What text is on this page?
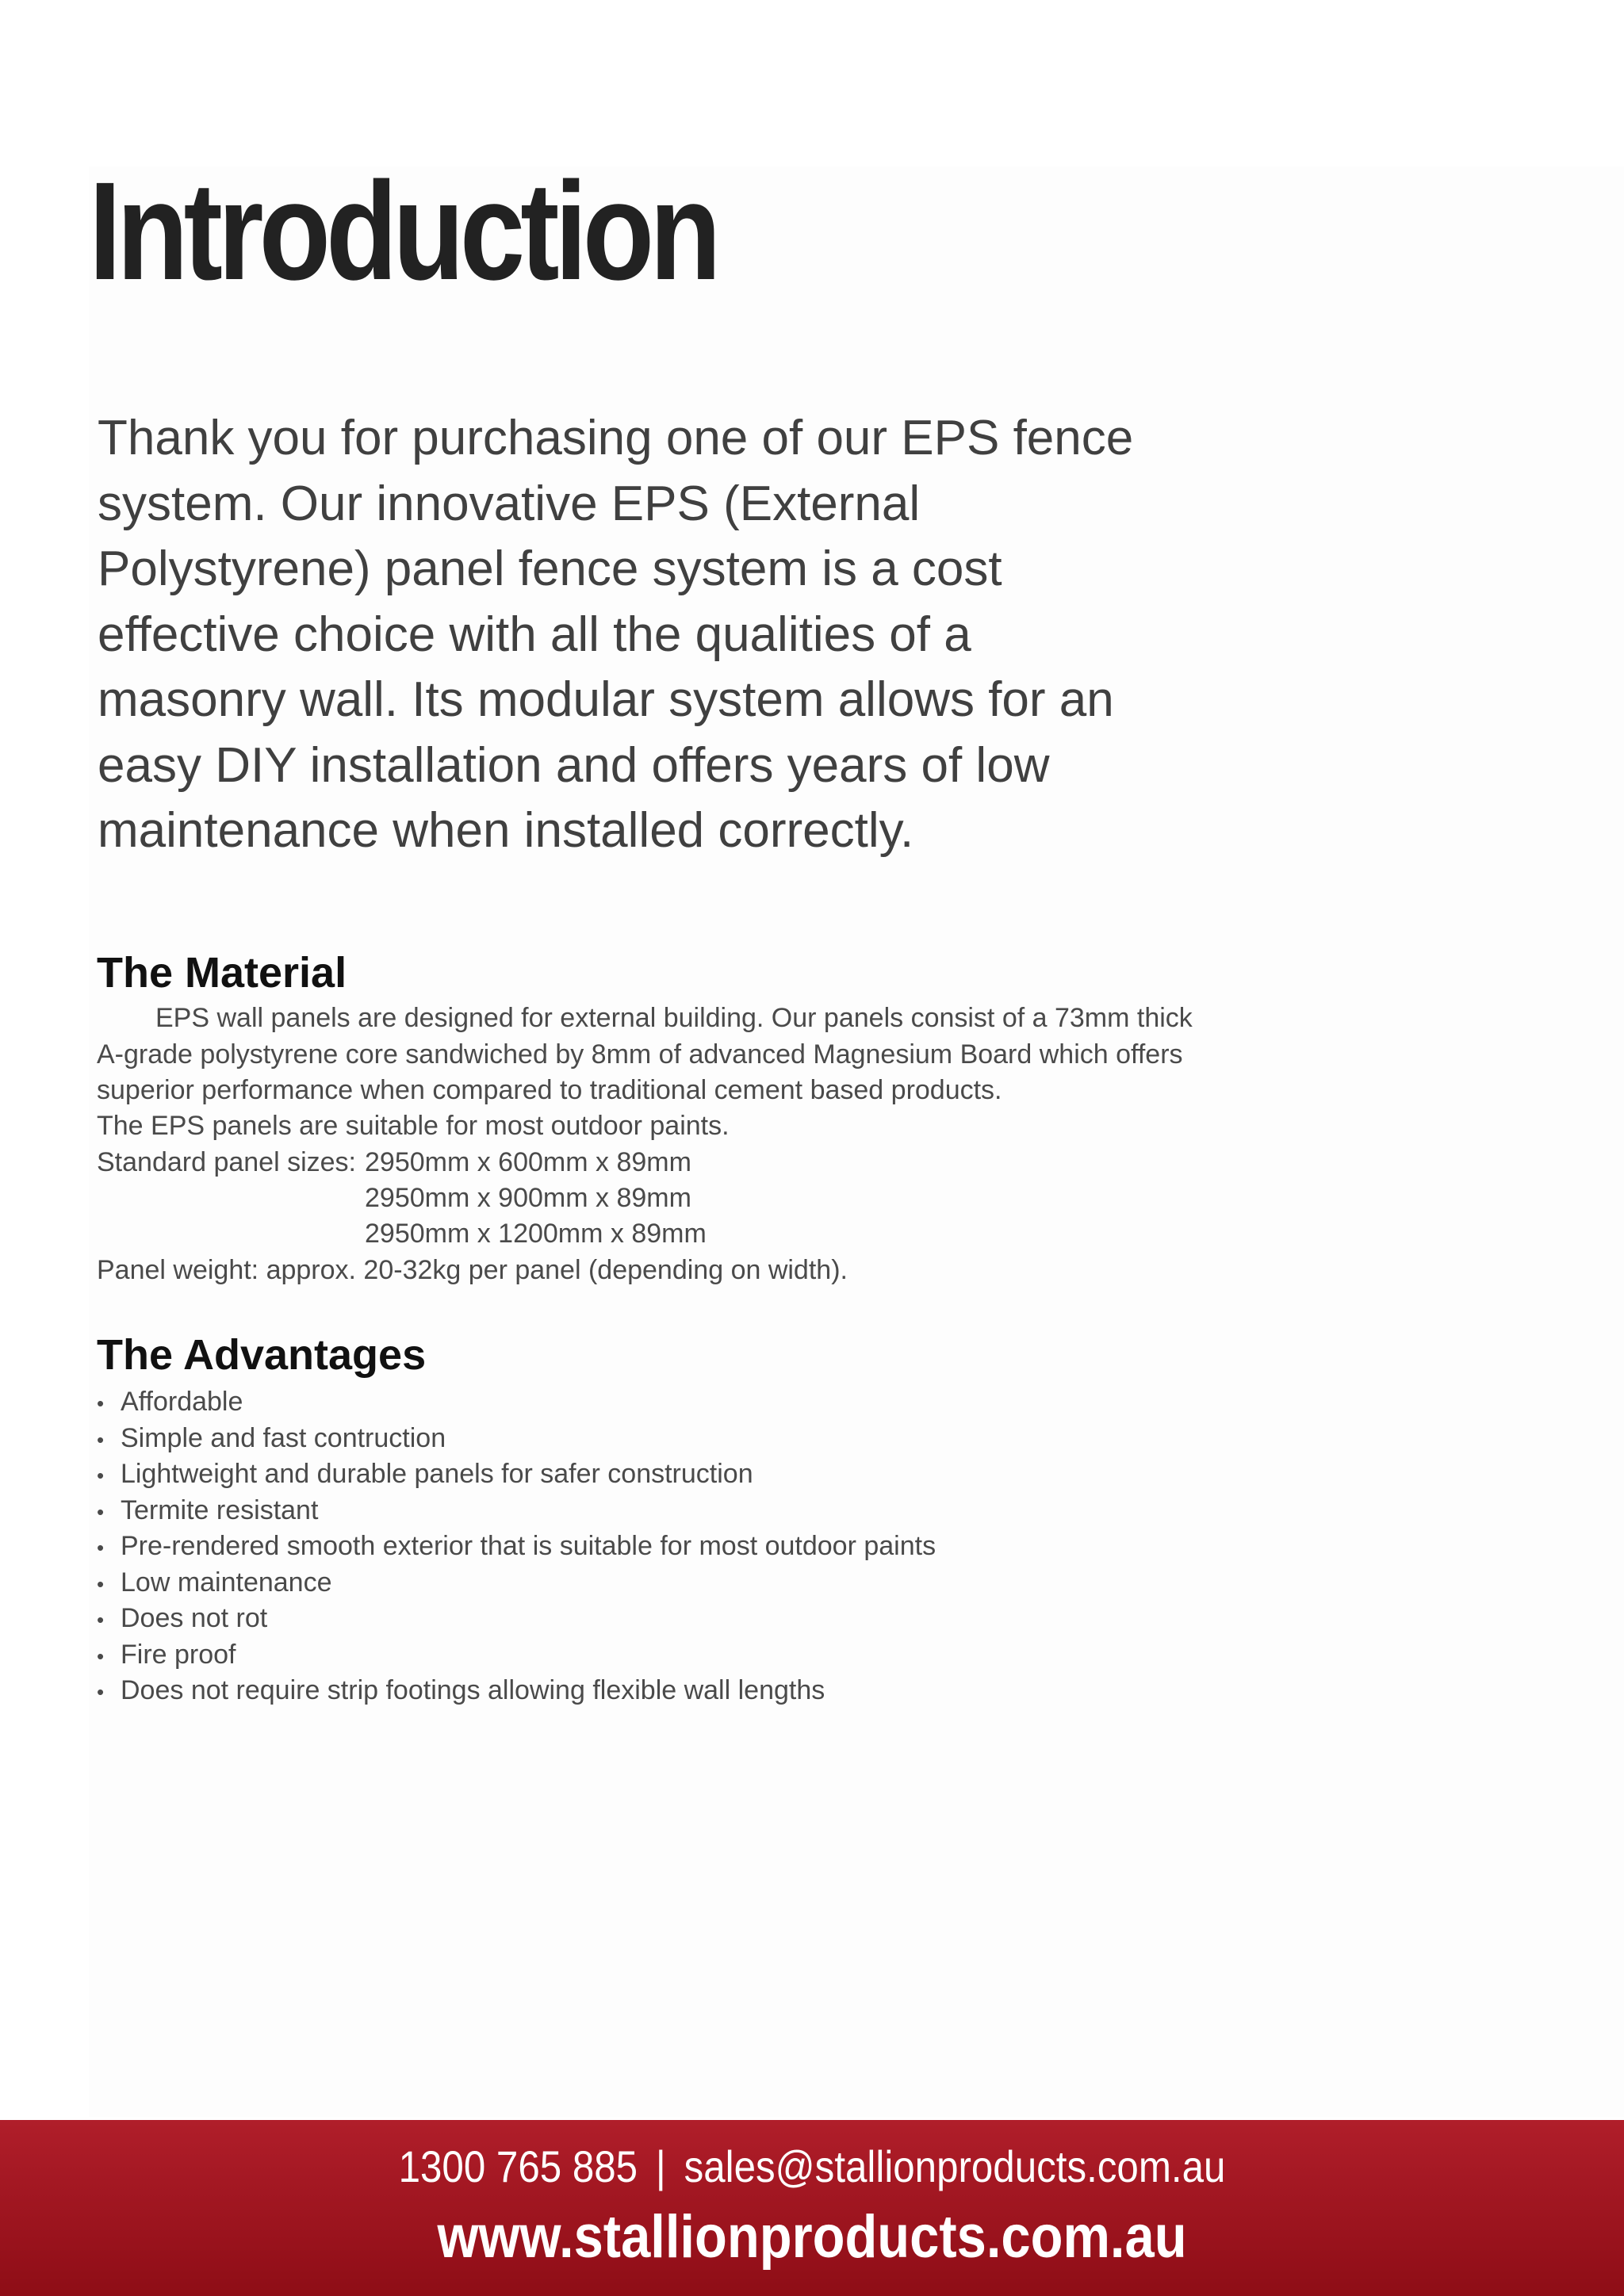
Introduction

Thank you for purchasing one of our EPS fence
system. Our innovative EPS (External
Polystyrene) panel fence system is a cost
effective choice with all the qualities of a
masonry wall. Its modular system allows for an
easy DIY installation and offers years of low
maintenance when installed correctly.

The Material
EPS wall panels are designed for external building. Our panels consist of a 73mm thick
A-grade polystyrene core sandwiched by 8mm of advanced Magnesium Board which offers
superior performance when compared to traditional cement based products.
The EPS panels are suitable for most outdoor paints.
Standard panel sizes: 2950mm x 600mm x 89mm
2950mm x 900mm x 89mm
2950mm x 1200mm x 89mm
Panel weight: approx. 20-32kg per panel (depending on width).
The Advantages
• Affordable
• Simple and fast contruction
• Lightweight and durable panels for safer construction
• Termite resistant
• Pre-rendered smooth exterior that is suitable for most outdoor paints
• Low maintenance
• Does not rot
• Fire proof
• Does not require strip footings allowing flexible wall lengths
1300 765 885 | sales@stallionproducts.com.au
www.stallionproducts.com.au
